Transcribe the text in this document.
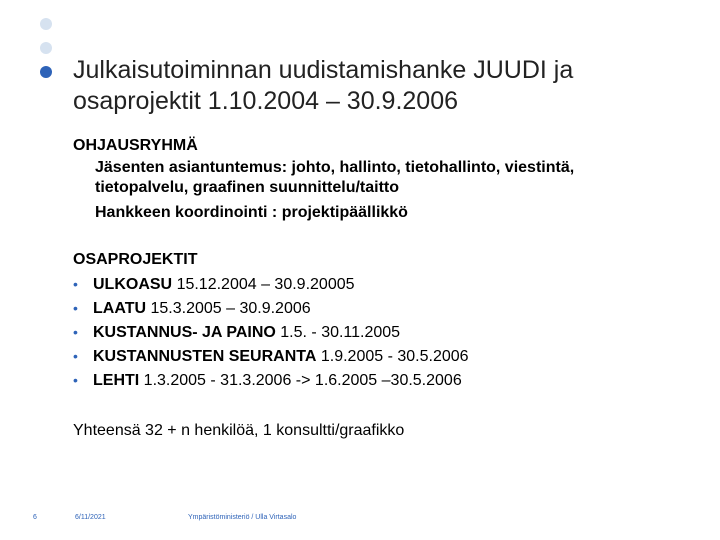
Julkaisutoiminnan uudistamishanke JUUDI ja osaprojektit 1.10.2004 – 30.9.2006
OHJAUSRYHMÄ
Jäsenten asiantuntemus: johto, hallinto, tietohallinto, viestintä,
tietopalvelu, graafinen suunnittelu/taitto
Hankkeen koordinointi : projektipäällikkö
OSAPROJEKTIT
• ULKOASU 15.12.2004 – 30.9.20005
• LAATU 15.3.2005 – 30.9.2006
• KUSTANNUS- JA PAINO 1.5. - 30.11.2005
• KUSTANNUSTEN SEURANTA 1.9.2005 - 30.5.2006
• LEHTI 1.3.2005 - 31.3.2006 -> 1.6.2005 –30.5.2006
Yhteensä 32 + n henkilöä, 1 konsultti/graafikko
6	6/11/2021	Ympäristöministeriö / Ulla Virtasalo
